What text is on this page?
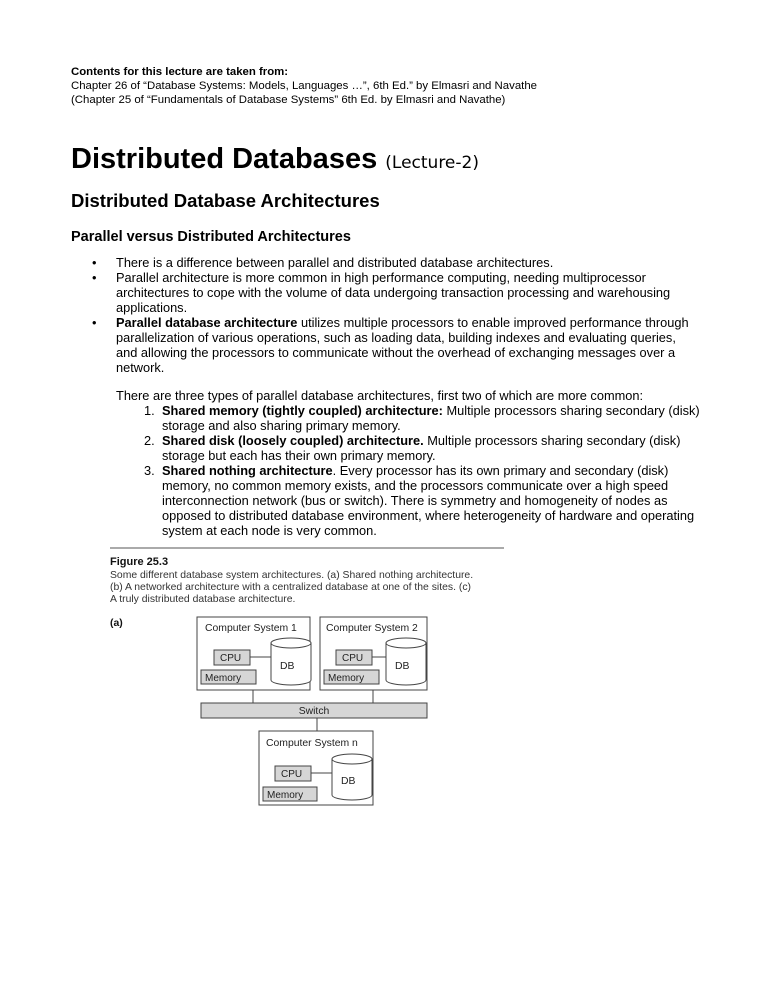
Contents for this lecture are taken from:
Chapter 26 of “Database Systems: Models, Languages …”, 6th Ed.” by Elmasri and Navathe
(Chapter 25 of “Fundamentals of Database Systems” 6th Ed. by Elmasri and Navathe)
Distributed Databases (Lecture-2)
Distributed Database Architectures
Parallel versus Distributed Architectures
• There is a difference between parallel and distributed database architectures.
• Parallel architecture is more common in high performance computing, needing multiprocessor architectures to cope with the volume of data undergoing transaction processing and warehousing applications.
• Parallel database architecture utilizes multiple processors to enable improved performance through parallelization of various operations, such as loading data, building indexes and evaluating queries, and allowing the processors to communicate without the overhead of exchanging messages over a network.
There are three types of parallel database architectures, first two of which are more common:
1. Shared memory (tightly coupled) architecture: Multiple processors sharing secondary (disk) storage and also sharing primary memory.
2. Shared disk (loosely coupled) architecture. Multiple processors sharing secondary (disk) storage but each has their own primary memory.
3. Shared nothing architecture. Every processor has its own primary and secondary (disk) memory, no common memory exists, and the processors communicate over a high speed interconnection network (bus or switch). There is symmetry and homogeneity of nodes as opposed to distributed database environment, where heterogeneity of hardware and operating system at each node is very common.
Figure 25.3
Some different database system architectures. (a) Shared nothing architecture.
(b) A networked architecture with a centralized database at one of the sites. (c)
A truly distributed database architecture.
(a)	Computer System 1
CPU
Memory
DB
Computer System 2
CPU
Memory
DB
Switch
Computer System n
CPU
Memory
DB
